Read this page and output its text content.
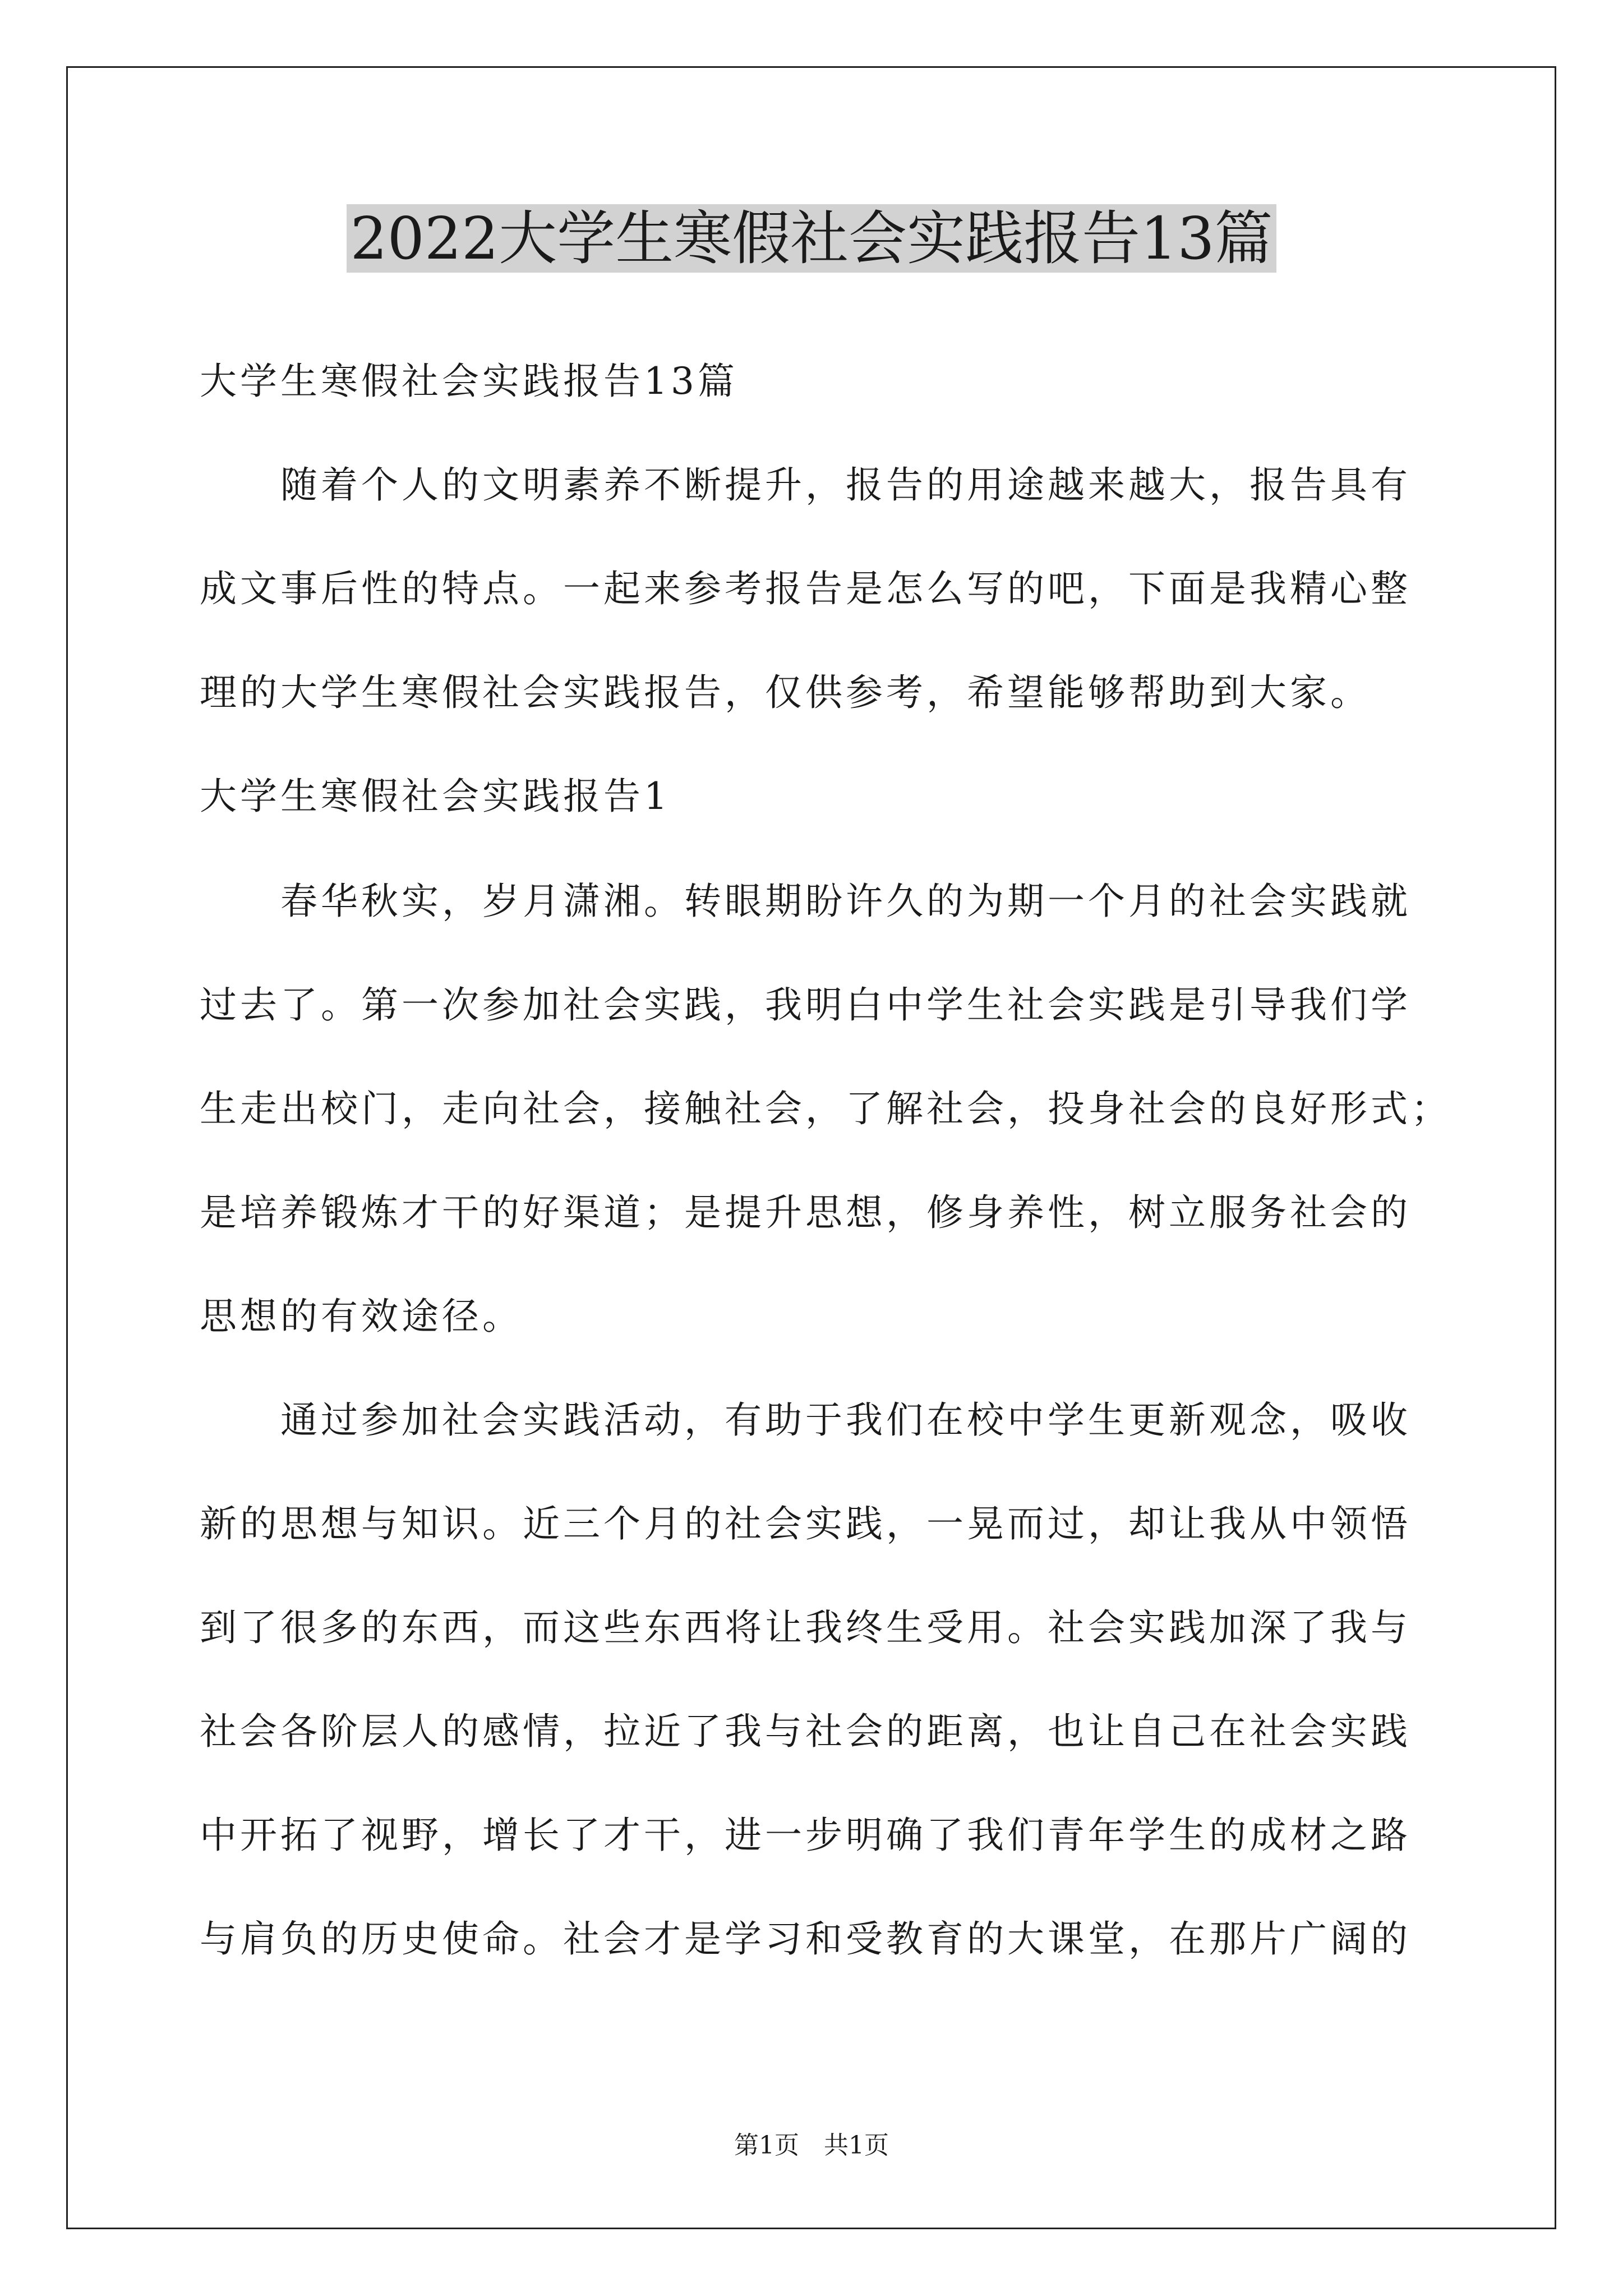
2022大学生寒假社会实践报告13篇
大学生寒假社会实践报告13篇
随着个人的文明素养不断提升，报告的用途越来越大，报告具有
成文事后性的特点。一起来参考报告是怎么写的吧，下面是我精心整
理的大学生寒假社会实践报告，仅供参考，希望能够帮助到大家。
大学生寒假社会实践报告1
春华秋实，岁月潇湘。转眼期盼许久的为期一个月的社会实践就
过去了。第一次参加社会实践，我明白中学生社会实践是引导我们学
生走出校门，走向社会，接触社会，了解社会，投身社会的良好形式；
是培养锻炼才干的好渠道；是提升思想，修身养性，树立服务社会的
思想的有效途径。
通过参加社会实践活动，有助于我们在校中学生更新观念，吸收
新的思想与知识。近三个月的社会实践，一晃而过，却让我从中领悟
到了很多的东西，而这些东西将让我终生受用。社会实践加深了我与
社会各阶层人的感情，拉近了我与社会的距离，也让自己在社会实践
中开拓了视野，增长了才干，进一步明确了我们青年学生的成材之路
与肩负的历史使命。社会才是学习和受教育的大课堂，在那片广阔的
第1页　共1页
